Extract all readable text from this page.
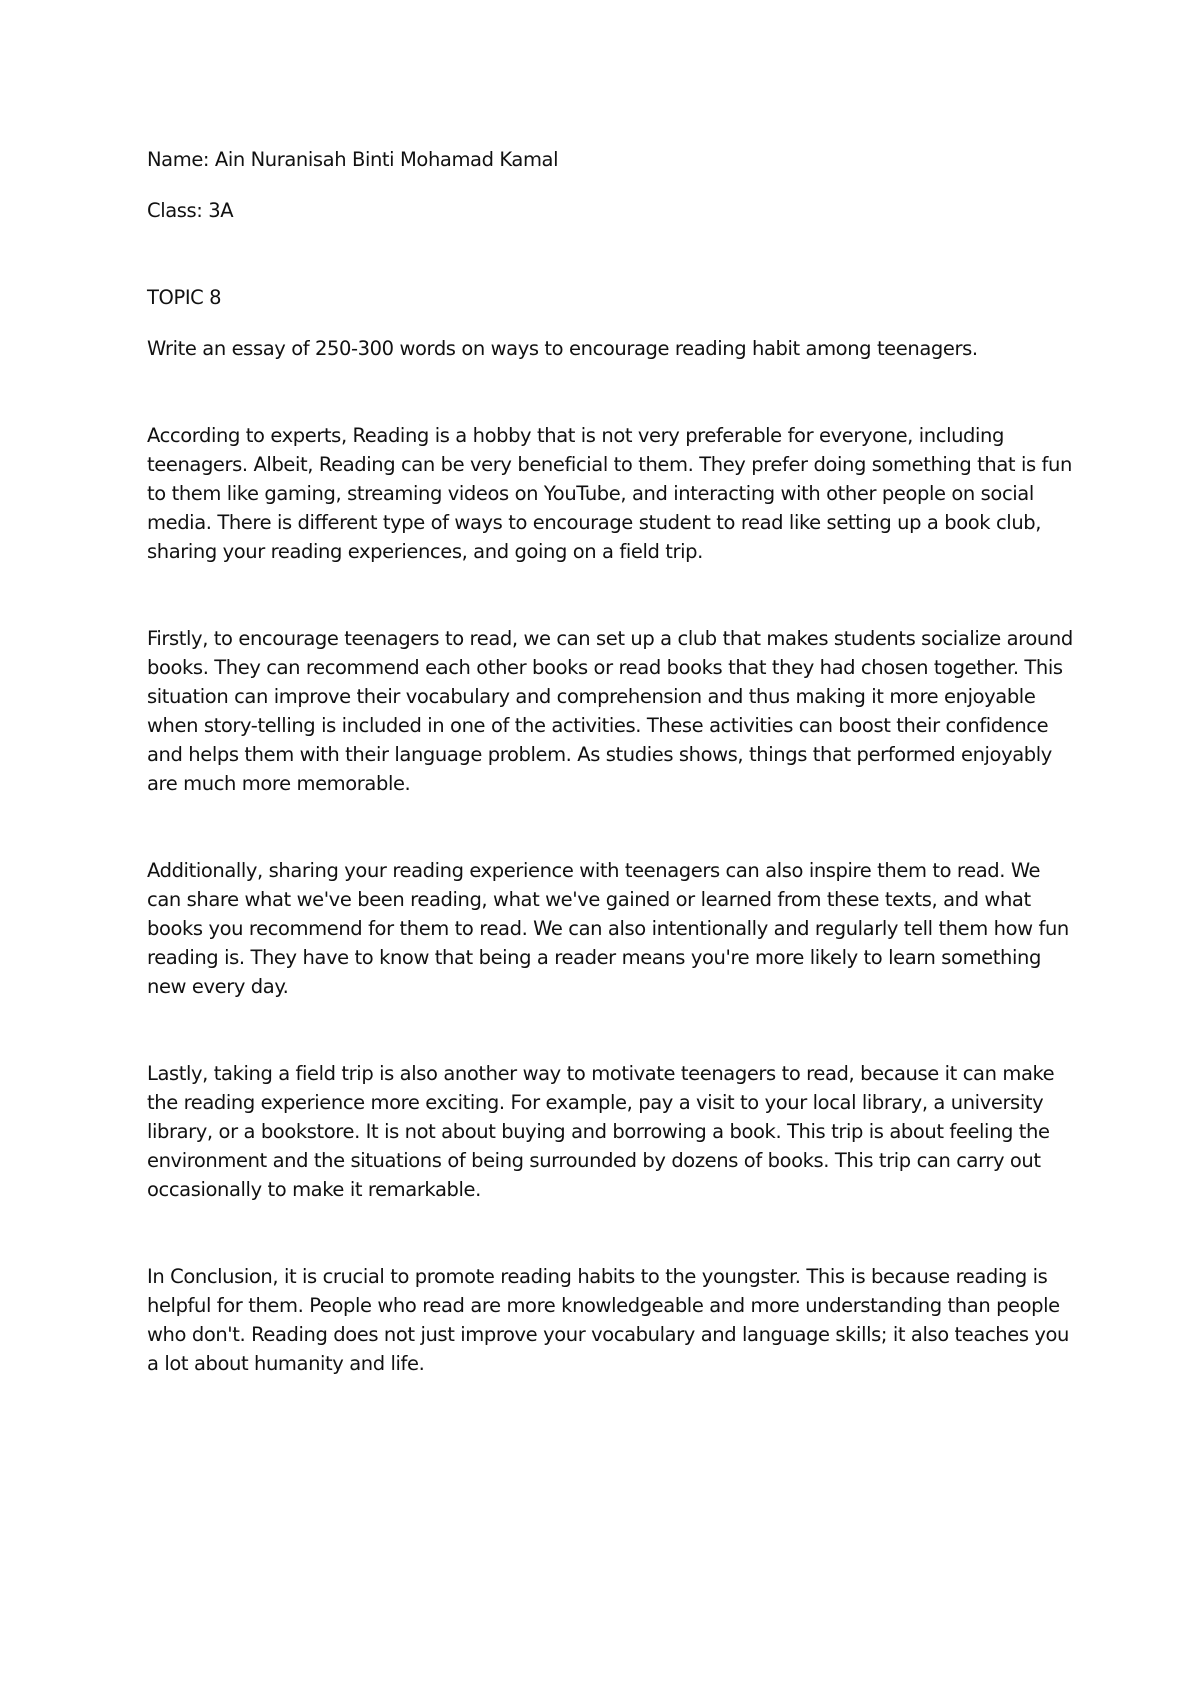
Name: Ain Nuranisah Binti Mohamad Kamal

Class: 3A

TOPIC 8

Write an essay of 250-300 words on ways to encourage reading habit among teenagers.

According to experts, Reading is a hobby that is not very preferable for everyone, including teenagers. Albeit, Reading can be very beneficial to them. They prefer doing something that is fun to them like gaming, streaming videos on YouTube, and interacting with other people on social media. There is different type of ways to encourage student to read like setting up a book club, sharing your reading experiences, and going on a field trip.

Firstly, to encourage teenagers to read, we can set up a club that makes students socialize around books. They can recommend each other books or read books that they had chosen together. This situation can improve their vocabulary and comprehension and thus making it more enjoyable when story-telling is included in one of the activities. These activities can boost their confidence and helps them with their language problem. As studies shows, things that performed enjoyably are much more memorable.

Additionally, sharing your reading experience with teenagers can also inspire them to read. We can share what we've been reading, what we've gained or learned from these texts, and what books you recommend for them to read. We can also intentionally and regularly tell them how fun reading is. They have to know that being a reader means you're more likely to learn something new every day.

Lastly, taking a field trip is also another way to motivate teenagers to read, because it can make the reading experience more exciting. For example, pay a visit to your local library, a university library, or a bookstore. It is not about buying and borrowing a book. This trip is about feeling the environment and the situations of being surrounded by dozens of books. This trip can carry out occasionally to make it remarkable.

In Conclusion, it is crucial to promote reading habits to the youngster. This is because reading is helpful for them. People who read are more knowledgeable and more understanding than people who don't. Reading does not just improve your vocabulary and language skills; it also teaches you a lot about humanity and life.
